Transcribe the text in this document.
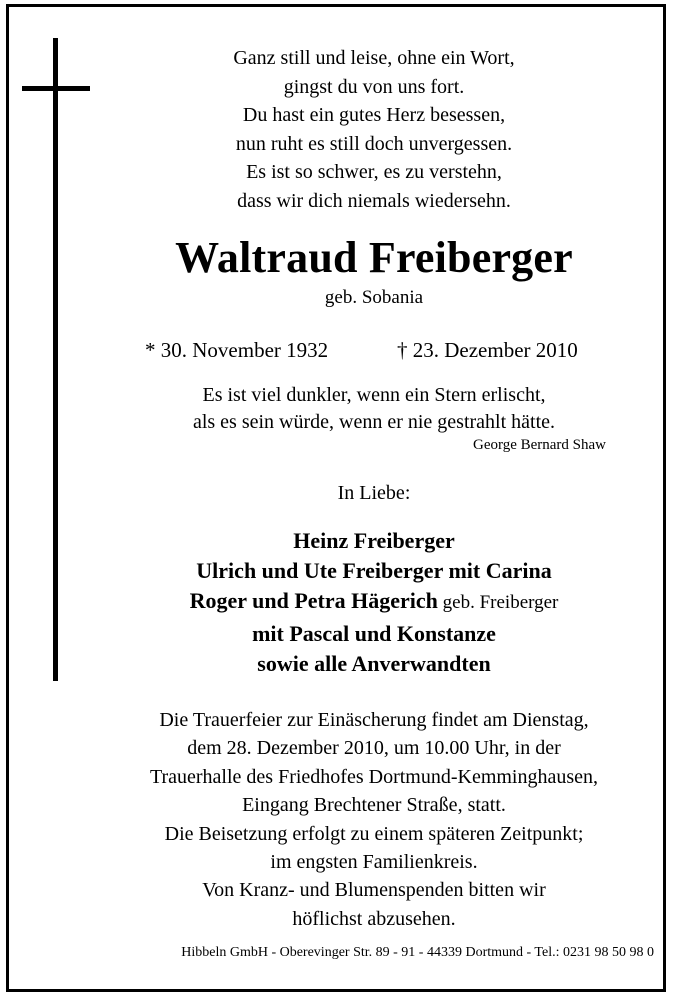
Ganz still und leise, ohne ein Wort,
gingst du von uns fort.
Du hast ein gutes Herz besessen,
nun ruht es still doch unvergessen.
Es ist so schwer, es zu verstehn,
dass wir dich niemals wiedersehn.
Waltraud Freiberger
geb. Sobania
* 30. November 1932	† 23. Dezember 2010
Es ist viel dunkler, wenn ein Stern erlischt,
als es sein würde, wenn er nie gestrahlt hätte.
George Bernard Shaw
In Liebe:
Heinz Freiberger
Ulrich und Ute Freiberger mit Carina
Roger und Petra Hägerich geb. Freiberger
mit Pascal und Konstanze
sowie alle Anverwandten
Die Trauerfeier zur Einäscherung findet am Dienstag,
dem 28. Dezember 2010, um 10.00 Uhr, in der
Trauerhalle des Friedhofes Dortmund-Kemminghausen,
Eingang Brechtener Straße, statt.
Die Beisetzung erfolgt zu einem späteren Zeitpunkt;
im engsten Familienkreis.
Von Kranz- und Blumenspenden bitten wir
höflichst abzusehen.
Hibbeln GmbH - Oberevinger Str. 89 - 91 - 44339 Dortmund - Tel.: 0231 98 50 98 0
